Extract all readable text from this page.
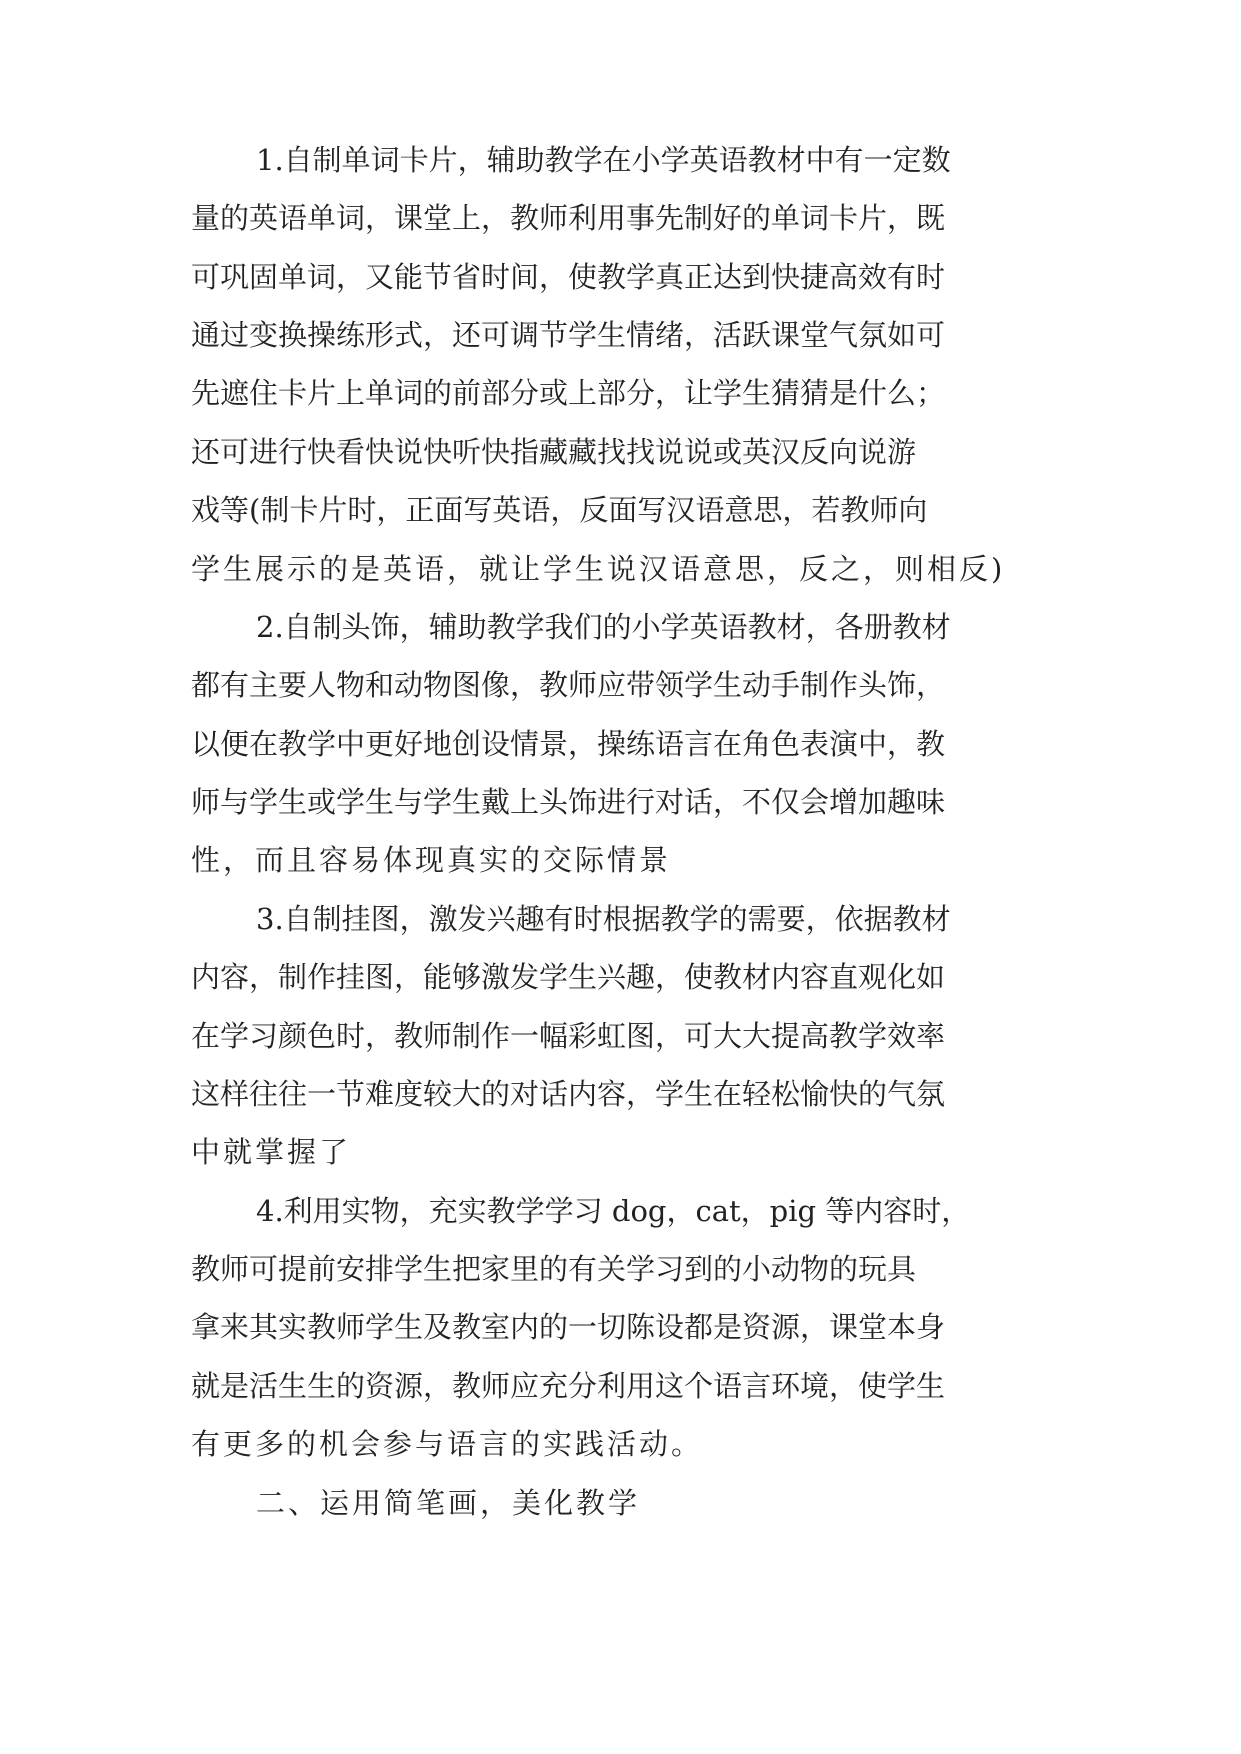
1.自制单词卡片，辅助教学在小学英语教材中有一定数
量的英语单词，课堂上，教师利用事先制好的单词卡片，既
可巩固单词，又能节省时间，使教学真正达到快捷高效有时
通过变换操练形式，还可调节学生情绪，活跃课堂气氛如可
先遮住卡片上单词的前部分或上部分，让学生猜猜是什么；
还可进行快看快说快听快指藏藏找找说说或英汉反向说游
戏等(制卡片时，正面写英语，反面写汉语意思，若教师向
学生展示的是英语，就让学生说汉语意思，反之，则相反)
2.自制头饰，辅助教学我们的小学英语教材，各册教材
都有主要人物和动物图像，教师应带领学生动手制作头饰，
以便在教学中更好地创设情景，操练语言在角色表演中，教
师与学生或学生与学生戴上头饰进行对话，不仅会增加趣味
性，而且容易体现真实的交际情景
3.自制挂图，激发兴趣有时根据教学的需要，依据教材
内容，制作挂图，能够激发学生兴趣，使教材内容直观化如
在学习颜色时，教师制作一幅彩虹图，可大大提高教学效率
这样往往一节难度较大的对话内容，学生在轻松愉快的气氛
中就掌握了
4.利用实物，充实教学学习 dog，cat，pig 等内容时，
教师可提前安排学生把家里的有关学习到的小动物的玩具
拿来其实教师学生及教室内的一切陈设都是资源，课堂本身
就是活生生的资源，教师应充分利用这个语言环境，使学生
有更多的机会参与语言的实践活动。
二、运用简笔画，美化教学
